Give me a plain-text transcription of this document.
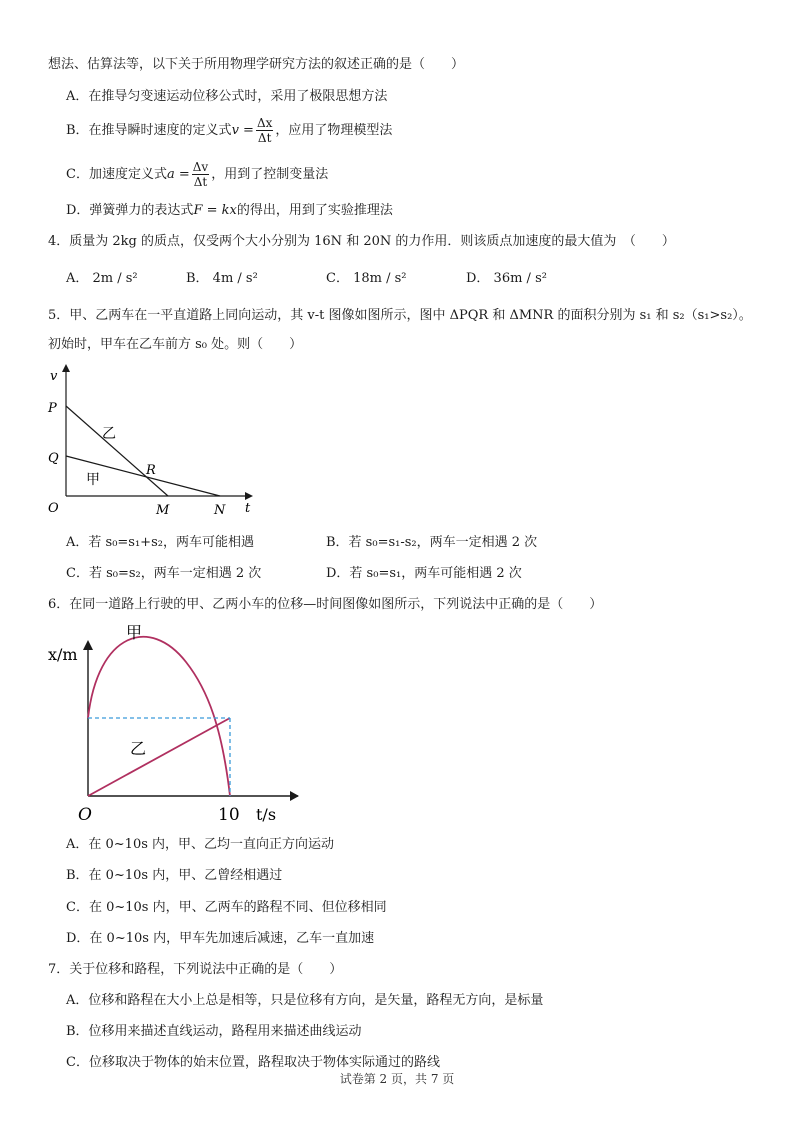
想法、估算法等，以下关于所用物理学研究方法的叙述正确的是（　　）
A．在推导匀变速运动位移公式时，采用了极限思想方法
B．在推导瞬时速度的定义式$v = \frac{\Delta x}{\Delta t}$ ，应用了物理模型法
C．加速度定义式$a = \frac{\Delta v}{\Delta t}$ ，用到了控制变量法
D．弹簧弹力的表达式F = kx的得出，用到了实验推理法
4．质量为 2kg 的质点，仅受两个大小分别为 16N 和 20N 的力作用．则该质点加速度的最大值为　（　　）
A． 2m / s²	B． 4m / s²	C． 18m / s²	D． 36m / s²
5．甲、乙两车在一平直道路上同向运动，其 v-t 图像如图所示，图中 ΔPQR 和 ΔMNR 的面积分别为 s₁ 和 s₂（s₁>s₂）。
初始时，甲车在乙车前方 s₀ 处。则（　　）
v
t
O
P
Q
R
M	N
乙
甲
A．若 s₀=s₁+s₂，两车可能相遇	B．若 s₀=s₁-s₂，两车一定相遇 2 次
C．若 s₀=s₂，两车一定相遇 2 次	D．若 s₀=s₁，两车可能相遇 2 次
6．在同一道路上行驶的甲、乙两小车的位移—时间图像如图所示，下列说法中正确的是（　　）
甲
乙
x/m
t/s
O	10
A．在 0~10s 内，甲、乙均一直向正方向运动
B．在 0~10s 内，甲、乙曾经相遇过
C．在 0~10s 内，甲、乙两车的路程不同、但位移相同
D．在 0~10s 内，甲车先加速后减速，乙车一直加速
7．关于位移和路程，下列说法中正确的是（　　）
A．位移和路程在大小上总是相等，只是位移有方向，是矢量，路程无方向，是标量
B．位移用来描述直线运动，路程用来描述曲线运动
C．位移取决于物体的始末位置，路程取决于物体实际通过的路线
试卷第 2 页，共 7 页
